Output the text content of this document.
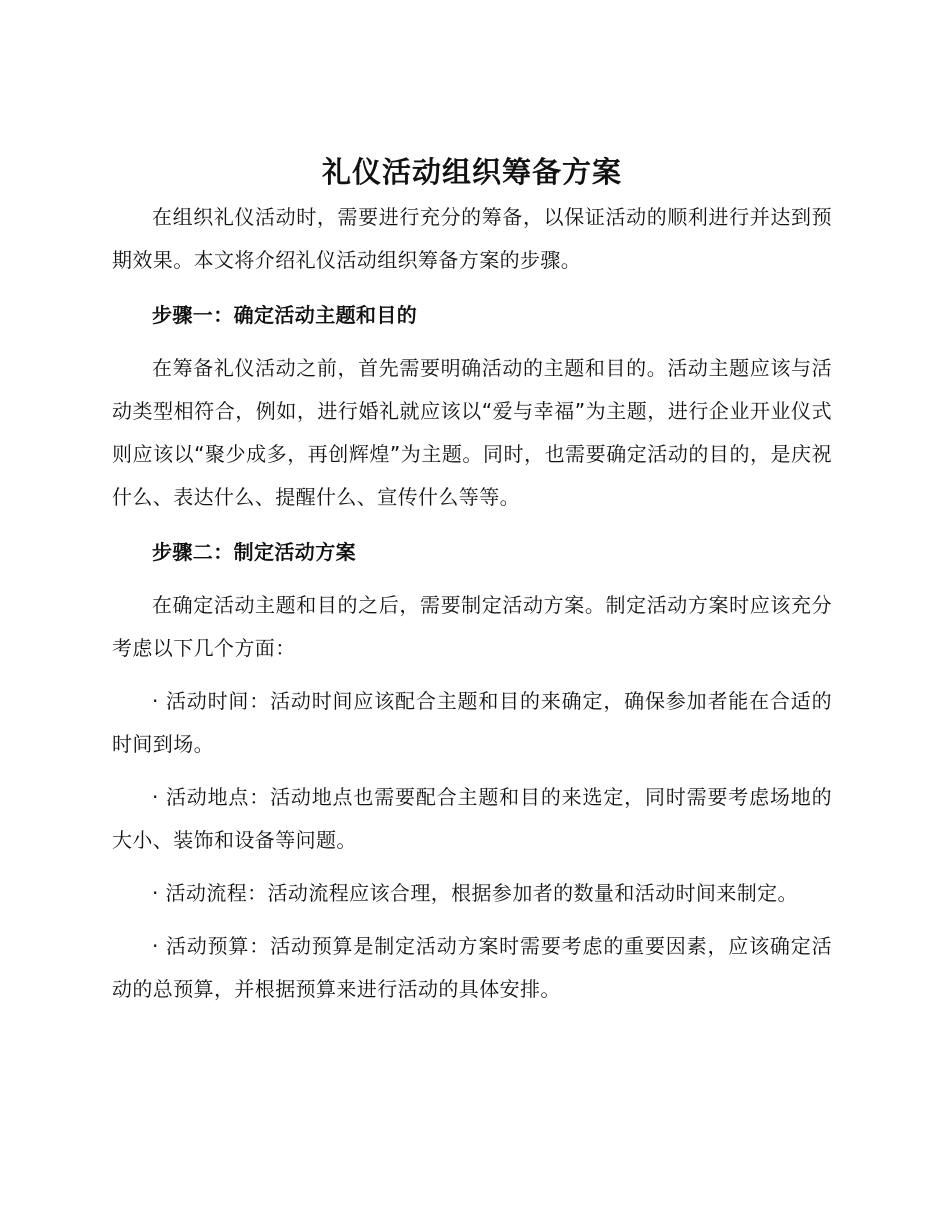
礼仪活动组织筹备方案

在组织礼仪活动时，需要进行充分的筹备，以保证活动的顺利进行并达到预期效果。本文将介绍礼仪活动组织筹备方案的步骤。

步骤一：确定活动主题和目的

在筹备礼仪活动之前，首先需要明确活动的主题和目的。活动主题应该与活动类型相符合，例如，进行婚礼就应该以“爱与幸福”为主题，进行企业开业仪式则应该以“聚少成多，再创辉煌”为主题。同时，也需要确定活动的目的，是庆祝什么、表达什么、提醒什么、宣传什么等等。

步骤二：制定活动方案

在确定活动主题和目的之后，需要制定活动方案。制定活动方案时应该充分考虑以下几个方面：

· 活动时间：活动时间应该配合主题和目的来确定，确保参加者能在合适的时间到场。

· 活动地点：活动地点也需要配合主题和目的来选定，同时需要考虑场地的大小、装饰和设备等问题。

· 活动流程：活动流程应该合理，根据参加者的数量和活动时间来制定。

· 活动预算：活动预算是制定活动方案时需要考虑的重要因素，应该确定活动的总预算，并根据预算来进行活动的具体安排。
